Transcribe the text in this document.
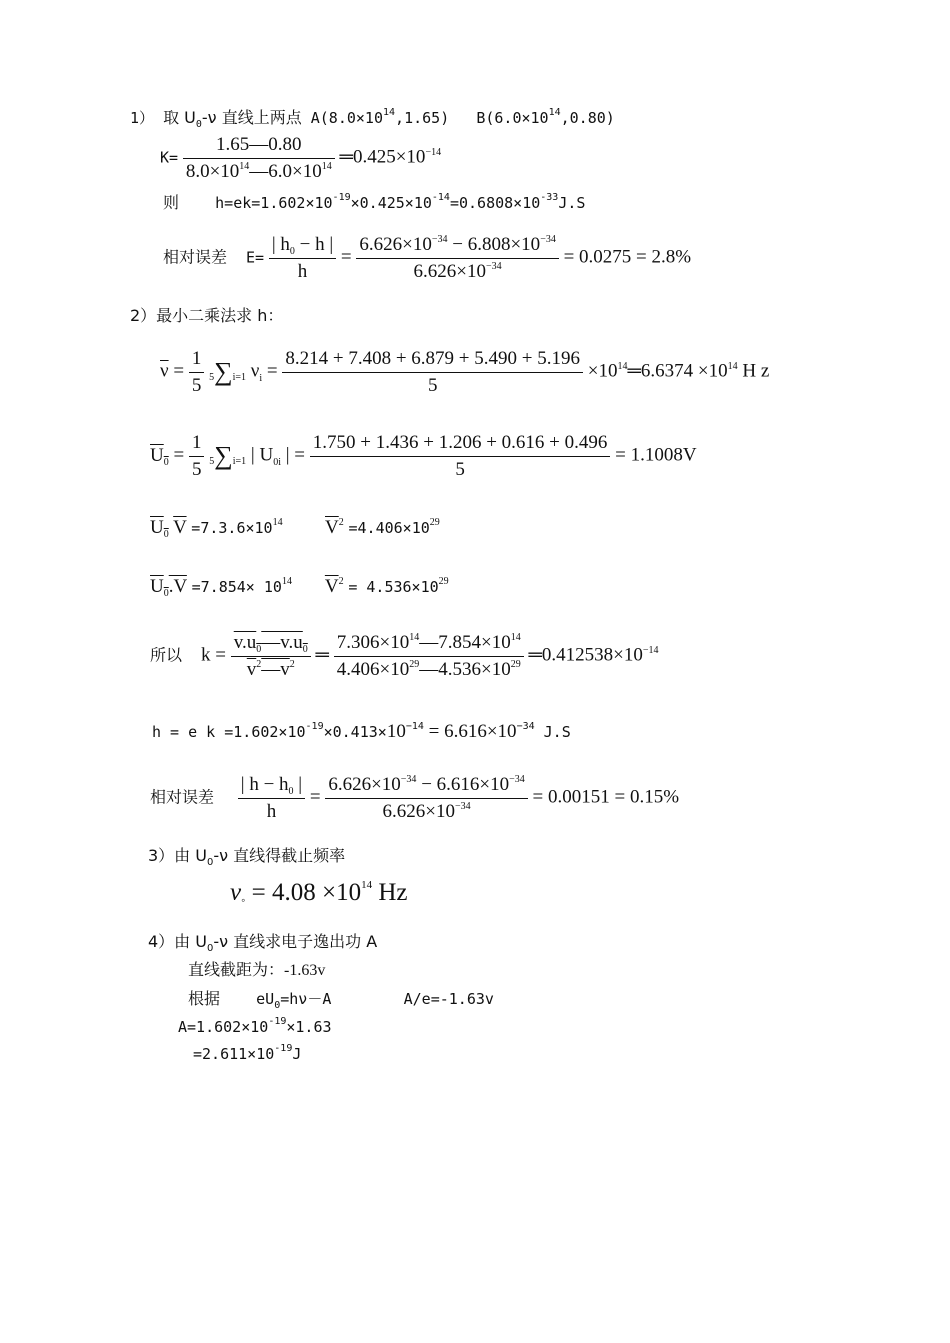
1） 取 $U_0-\nu$ 直线上两点 $A(8.0\times 10^{14},1.65)$ $B(6.0\times 10^{14},0.80)$
$K= \frac{1.65―0.80}{8.0\times 10^{14}―6.0\times 10^{14}}$ $═0.425\times 10^{-14}$
则 $h=ek=1.602\times 10^{-19}\times 0.425\times 10^{-14}=0.6808\times 10^{-33}J.S$
相对误差 $E= \frac{| h_0 - h |}{h} = \frac{6.626\times 10^{-34} - 6.808\times 10^{-34}}{6.626\times 10^{-34}} = 0.0275 = 2.8\%$
2）最小二乘法求 h：
$\overline{\nu} = \frac{1}{5} 5\sum i=1$ $\nu_i = \frac{8.214 + 7.408 + 6.879 + 5.490 + 5.196}{5}$ $\times 10^{14}═6.6374 \times 10^{14}$ H z
$U_0 = \frac{1}{5} 5\sum i=1$ | $U_{0i}$ | = $\frac{1.750 + 1.436 + 1.206 + 0.616 + 0.496}{5} = 1.1008V$
$U_0$ $\overline{V} =7.3.6\times 10^{14}$ $\overline{V}^2 =4.406\times 10^{29}$
$U_0.V =7.854\times 10^{14}$ $\overline{V}^2 = 4.536\times 10^{29}$
所以 $k = \frac{v.u_0―v.u_0}{\overline{v}^2―v^2}$ ═ $\frac{7.306\times 10^{14}―7.854\times 10^{14}}{4.406\times 10^{29}―4.536\times 10^{29}}$ $═0.412538\times 10^{-14}$
h = e $k =1.602\times 10^{-19}\times 0.413\times 10^{-14} = 6.616\times 10^{-34}$ J.S
相对误差 $\frac{| h - h_0 |}{h} = \frac{6.626\times 10^{-34} - 6.616\times 10^{-34}}{6.626\times 10^{-34}} = 0.00151 = 0.15\%$
3）由 $U_0-\nu$ 直线得截止频率
$\nu_◦ = 4.08 \times 10^{14}$ Hz
4）由 $U_0-\nu$ 直线求电子逸出功 A
直线截距为：-1.63v
根据 $eU_0=h\nu-A$	A/e=-1.63v
$A=1.602\times 10^{-19}\times 1.63$
$=2.611\times 10^{-19}J$
